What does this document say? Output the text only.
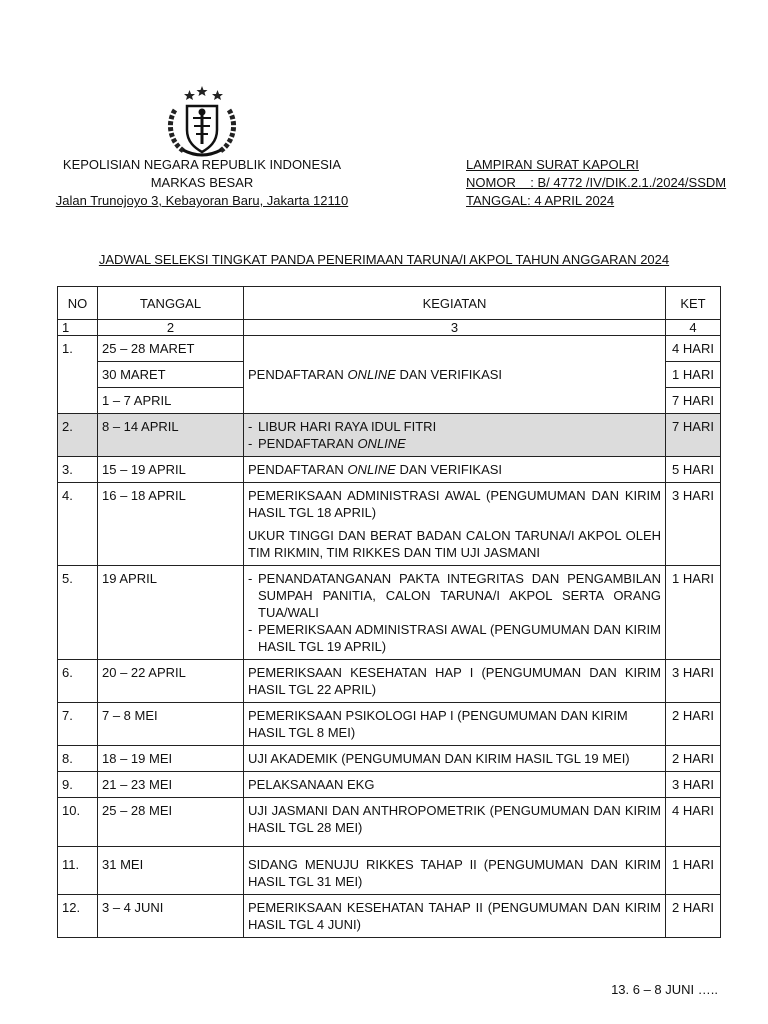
KEPOLISIAN NEGARA REPUBLIK INDONESIA
MARKAS BESAR
Jalan Trunojoyo 3, Kebayoran Baru, Jakarta 12110
LAMPIRAN SURAT KAPOLRI
NOMOR    : B/ 4772 /IV/DIK.2.1./2024/SSDM
TANGGAL: 4 APRIL 2024
JADWAL SELEKSI TINGKAT PANDA PENERIMAAN TARUNA/I AKPOL TAHUN ANGGARAN 2024
NO	TANGGAL	KEGIATAN	KET
1	2	3	4
1.	25 – 28 MARET	PENDAFTARAN ONLINE DAN VERIFIKASI	4 HARI
	30 MARET		1 HARI
	1 – 7 APRIL		7 HARI
2.	8 – 14 APRIL	- LIBUR HARI RAYA IDUL FITRI
- PENDAFTARAN ONLINE	7 HARI
3.	15 – 19 APRIL	PENDAFTARAN ONLINE DAN VERIFIKASI	5 HARI
4.	16 – 18 APRIL	PEMERIKSAAN ADMINISTRASI AWAL (PENGUMUMAN DAN KIRIM HASIL TGL 18 APRIL)
UKUR TINGGI DAN BERAT BADAN CALON TARUNA/I AKPOL OLEH TIM RIKMIN, TIM RIKKES DAN TIM UJI JASMANI	3 HARI
5.	19 APRIL	- PENANDATANGANAN PAKTA INTEGRITAS DAN PENGAMBILAN SUMPAH PANITIA, CALON TARUNA/I AKPOL SERTA ORANG TUA/WALI
- PEMERIKSAAN ADMINISTRASI AWAL (PENGUMUMAN DAN KIRIM HASIL TGL 19 APRIL)	1 HARI
6.	20 – 22 APRIL	PEMERIKSAAN KESEHATAN HAP I (PENGUMUMAN DAN KIRIM HASIL TGL 22 APRIL)	3 HARI
7.	7 – 8 MEI	PEMERIKSAAN PSIKOLOGI HAP I (PENGUMUMAN DAN KIRIM HASIL TGL 8 MEI)	2 HARI
8.	18 – 19 MEI	UJI AKADEMIK (PENGUMUMAN DAN KIRIM HASIL TGL 19 MEI)	2 HARI
9.	21 – 23 MEI	PELAKSANAAN EKG	3 HARI
10.	25 – 28 MEI	UJI JASMANI DAN ANTHROPOMETRIK (PENGUMUMAN DAN KIRIM HASIL TGL 28 MEI)	4 HARI
11.	31 MEI	SIDANG MENUJU RIKKES TAHAP II (PENGUMUMAN DAN KIRIM HASIL TGL 31 MEI)	1 HARI
12.	3 – 4 JUNI	PEMERIKSAAN KESEHATAN TAHAP II (PENGUMUMAN DAN KIRIM HASIL TGL 4 JUNI)	2 HARI
13. 6 – 8 JUNI …..
